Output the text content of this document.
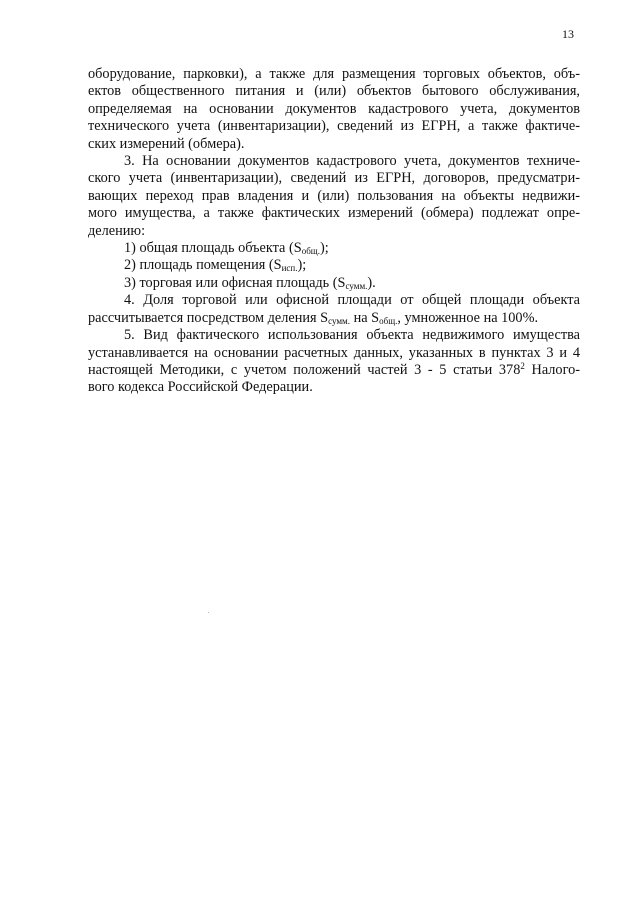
13
оборудование, парковки), а также для размещения торговых объектов, объ-
ектов общественного питания и (или) объектов бытового обслуживания,
определяемая на основании документов кадастрового учета, документов
технического учета (инвентаризации), сведений из ЕГРН, а также фактиче-
ских измерений (обмера).
3. На основании документов кадастрового учета, документов техниче-
ского учета (инвентаризации), сведений из ЕГРН, договоров, предусматри-
вающих переход прав владения и (или) пользования на объекты недвижи-
мого имущества, а также фактических измерений (обмера) подлежат опре-
делению:
1) общая площадь объекта $(S_{общ.})$;
2) площадь помещения $(S_{исп.})$;
3) торговая или офисная площадь $(S_{сумм.})$.
4. Доля торговой или офисной площади от общей площади объекта
рассчитывается посредством деления $S_{сумм.}$ на $S_{общ.}$, умноженное на 100%.
5. Вид фактического использования объекта недвижимого имущества
устанавливается на основании расчетных данных, указанных в пунктах 3 и 4
настоящей Методики, с учетом положений частей 3 - 5 статьи $378^2$ Налого-
вого кодекса Российской Федерации.
